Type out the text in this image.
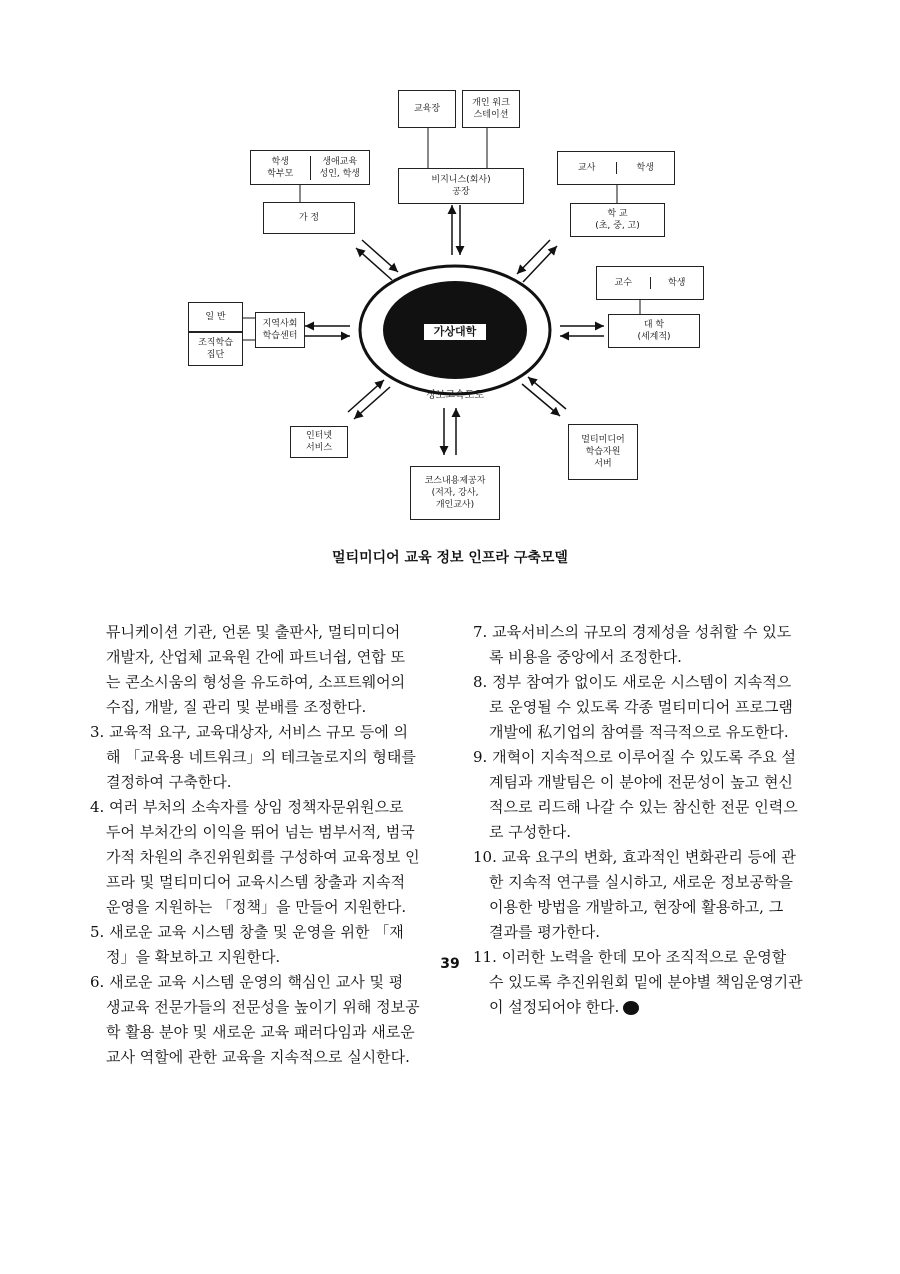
가상대학
정보고속도로
교육장
개인 워크
스테이션
비지니스(회사)
공장
학생
학부모
생애교육
성인, 학생
가 정
교사	학생
학 교
(초, 중, 고)
교수	학생
대 학
(세계적)
일 반
조직학습
집단
지역사회
학습센터
인터넷
서비스
멀티미디어
학습자원
서버
코스내용제공자
(저자, 강사,
개인교사)
멀티미디어 교육 정보 인프라 구축모델

뮤니케이션 기관, 언론 및 출판사, 멀티미디어

개발자, 산업체 교육원 간에 파트너쉽, 연합 또

는 콘소시움의 형성을 유도하여, 소프트웨어의

수집, 개발, 질 관리 및 분배를 조정한다.

3. 교육적 요구, 교육대상자, 서비스 규모 등에 의

해 「교육용 네트워크」의 테크놀로지의 형태를

결정하여 구축한다.

4. 여러 부처의 소속자를 상임 정책자문위원으로

두어 부처간의 이익을 뛰어 넘는 범부서적, 범국

가적 차원의 추진위원회를 구성하여 교육정보 인

프라 및 멀티미디어 교육시스템 창출과 지속적

운영을 지원하는 「정책」을 만들어 지원한다.

5. 새로운 교육 시스템 창출 및 운영을 위한 「재

정」을 확보하고 지원한다.

6. 새로운 교육 시스템 운영의 핵심인 교사 및 평

생교육 전문가들의 전문성을 높이기 위해 정보공

학 활용 분야 및 새로운 교육 패러다임과 새로운

교사 역할에 관한 교육을 지속적으로 실시한다.

7. 교육서비스의 규모의 경제성을 성취할 수 있도

록 비용을 중앙에서 조정한다.

8. 정부 참여가 없이도 새로운 시스템이 지속적으

로 운영될 수 있도록 각종 멀티미디어 프로그램

개발에 私기업의 참여를 적극적으로 유도한다.

9. 개혁이 지속적으로 이루어질 수 있도록 주요 설

계팀과 개발팀은 이 분야에 전문성이 높고 현신

적으로 리드해 나갈 수 있는 참신한 전문 인력으

로 구성한다.

10. 교육 요구의 변화, 효과적인 변화관리 등에 관

한 지속적 연구를 실시하고, 새로운 정보공학을

이용한 방법을 개발하고, 현장에 활용하고, 그

결과를 평가한다.

11. 이러한 노력을 한데 모아 조직적으로 운영할

수 있도록 추진위원회 밑에 분야별 책임운영기관

이 설정되어야 한다.

39
